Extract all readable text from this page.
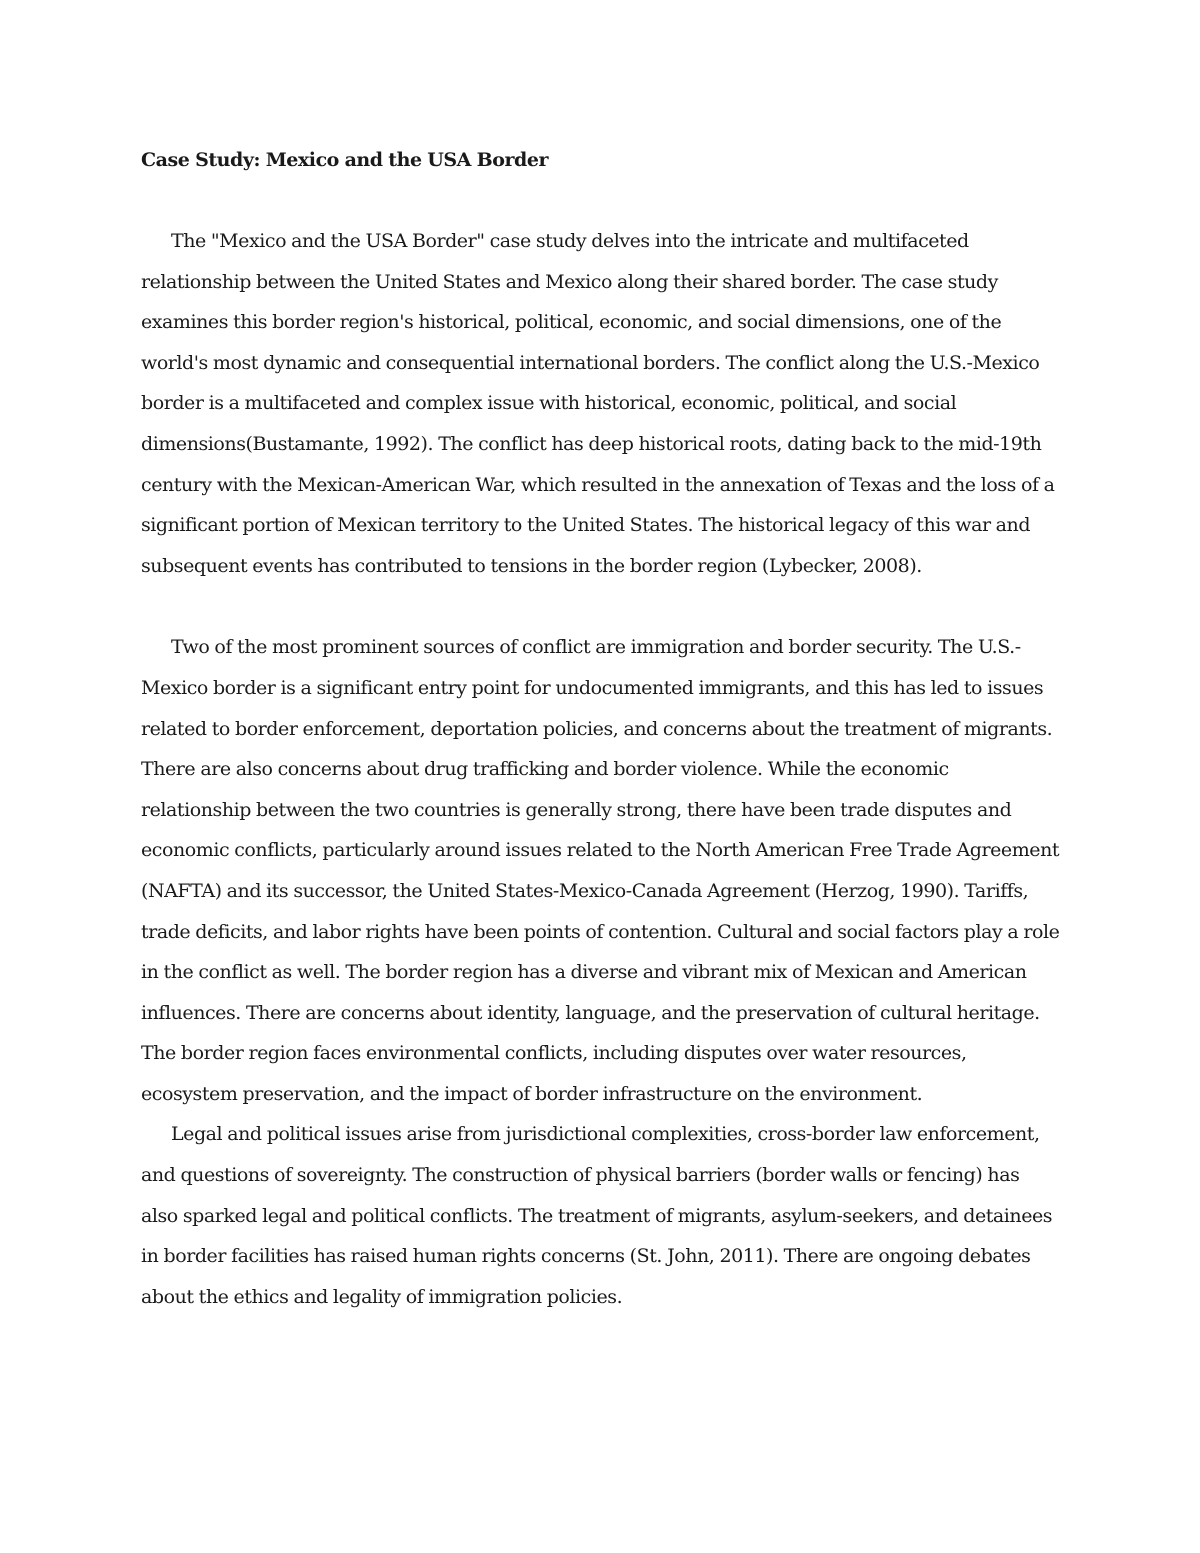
Case Study: Mexico and the USA Border

The "Mexico and the USA Border" case study delves into the intricate and multifaceted relationship between the United States and Mexico along their shared border. The case study examines this border region's historical, political, economic, and social dimensions, one of the world's most dynamic and consequential international borders. The conflict along the U.S.-Mexico border is a multifaceted and complex issue with historical, economic, political, and social dimensions(Bustamante, 1992). The conflict has deep historical roots, dating back to the mid-19th century with the Mexican-American War, which resulted in the annexation of Texas and the loss of a significant portion of Mexican territory to the United States. The historical legacy of this war and subsequent events has contributed to tensions in the border region (Lybecker, 2008).

Two of the most prominent sources of conflict are immigration and border security. The U.S.-Mexico border is a significant entry point for undocumented immigrants, and this has led to issues related to border enforcement, deportation policies, and concerns about the treatment of migrants. There are also concerns about drug trafficking and border violence. While the economic relationship between the two countries is generally strong, there have been trade disputes and economic conflicts, particularly around issues related to the North American Free Trade Agreement (NAFTA) and its successor, the United States-Mexico-Canada Agreement (Herzog, 1990). Tariffs, trade deficits, and labor rights have been points of contention. Cultural and social factors play a role in the conflict as well. The border region has a diverse and vibrant mix of Mexican and American influences. There are concerns about identity, language, and the preservation of cultural heritage. The border region faces environmental conflicts, including disputes over water resources, ecosystem preservation, and the impact of border infrastructure on the environment.

Legal and political issues arise from jurisdictional complexities, cross-border law enforcement, and questions of sovereignty. The construction of physical barriers (border walls or fencing) has also sparked legal and political conflicts. The treatment of migrants, asylum-seekers, and detainees in border facilities has raised human rights concerns (St. John, 2011). There are ongoing debates about the ethics and legality of immigration policies.
